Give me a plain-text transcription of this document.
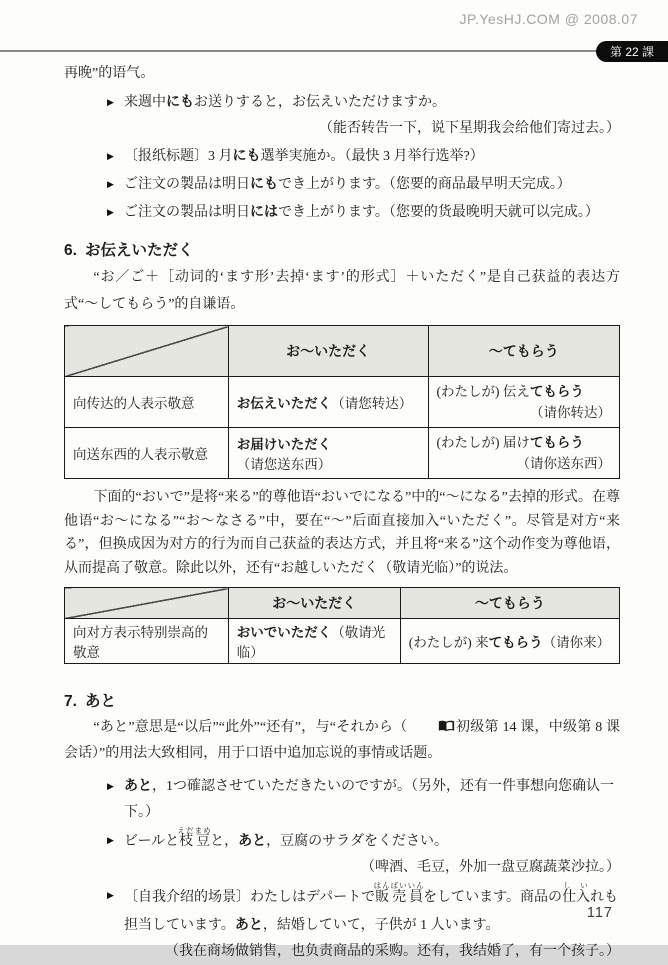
JP.YesHJ.COM @ 2008.07
第 22 課
再晚”的语气。
▶ 来週中にもお送りすると，お伝えいただけますか。
（能否转告一下，说下星期我会给他们寄过去。）
▶ 〔报纸标题〕3 月にも選挙実施か。（最快 3 月举行选举?）
▶ ご注文の製品は明日にもでき上がります。（您要的商品最早明天完成。）
▶ ご注文の製品は明日にはでき上がります。（您要的货最晚明天就可以完成。）
6. お伝えいただく
“お／ご＋［动词的‘ます形’去掉‘ます’的形式］＋いただく”是自己获益的表达方式“～してもらう”的自谦语。
	お～いただく	～てもらう
向传达的人表示敬意	お伝えいただく（请您转达）	(わたしが) 伝えてもらう
（请你转达）

向送东西的人表示敬意	お届けいただく（请您送东西）	(わたしが) 届けてもらう
（请你送东西）
下面的“おいで”是将“来る”的尊他语“おいでになる”中的“～になる”去掉的形式。在尊他语“お～になる”“お～なさる”中，要在“～”后面直接加入“いただく”。尽管是对方“来る”，但换成因为对方的行为而自己获益的表达方式，并且将“来る”这个动作变为尊他语，从而提高了敬意。除此以外，还有“お越しいただく（敬请光临）”的说法。
	お～いただく	～てもらう
向对方表示特别崇高的敬意	おいでいただく（敬请光临）	(わたしが) 来てもらう（请你来）
7. あと
“あと”意思是“以后”“此外”“还有”，与“それから（	初级第 14 课，中级第 8 课会话）”的用法大致相同，用于口语中追加忘说的事情或话题。
▶ あと，1つ確認させていただきたいのですが。（另外，还有一件事想向您确认一下。）
▶ ビールと枝豆えだまめと，あと，豆腐のサラダをください。
（啤酒、毛豆，外加一盘豆腐蔬菜沙拉。）
▶ 〔自我介绍的场景〕わたしはデパートで販売員はんばいいんをしています。商品の仕入し いれも担当しています。あと，結婚していて，子供が 1 人います。
（我在商场做销售，也负责商品的采购。还有，我结婚了，有一个孩子。）
117
